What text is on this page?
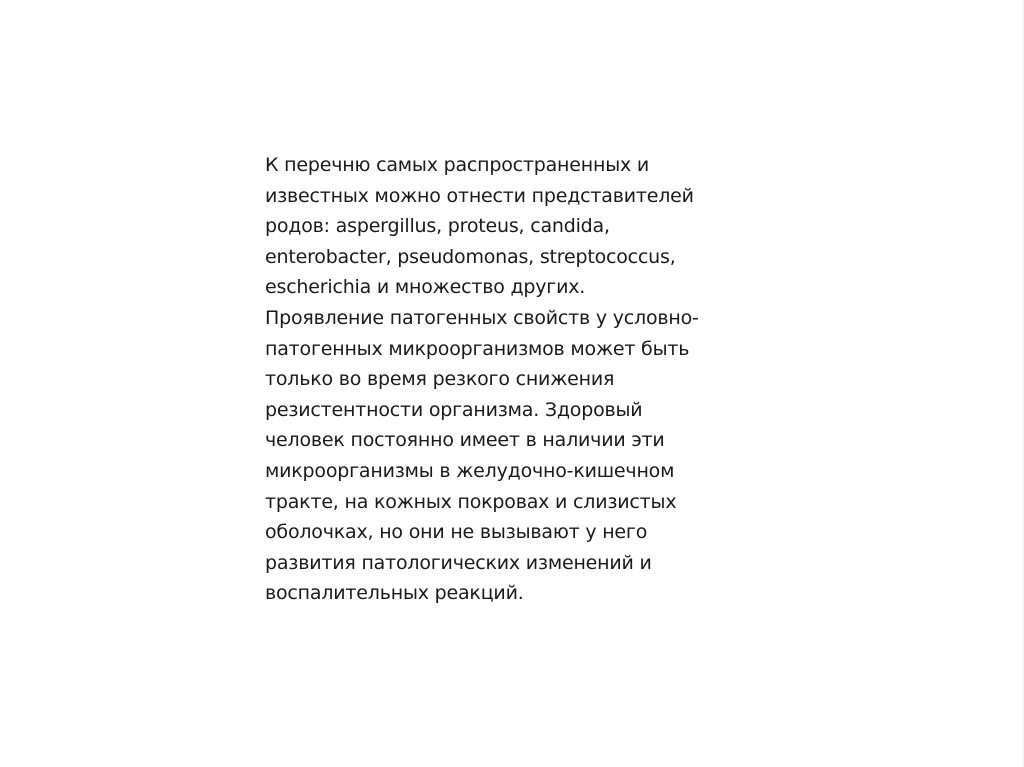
К перечню самых распространенных и
известных можно отнести представителей
родов: aspergillus, proteus, candida,
enterobacter, pseudomonas, streptococcus,
escherichia и множество других.
Проявление патогенных свойств у условно-
патогенных микроорганизмов может быть
только во время резкого снижения
резистентности организма. Здоровый
человек постоянно имеет в наличии эти
микроорганизмы в желудочно-кишечном
тракте, на кожных покровах и слизистых
оболочках, но они не вызывают у него
развития патологических изменений и
воспалительных реакций.
